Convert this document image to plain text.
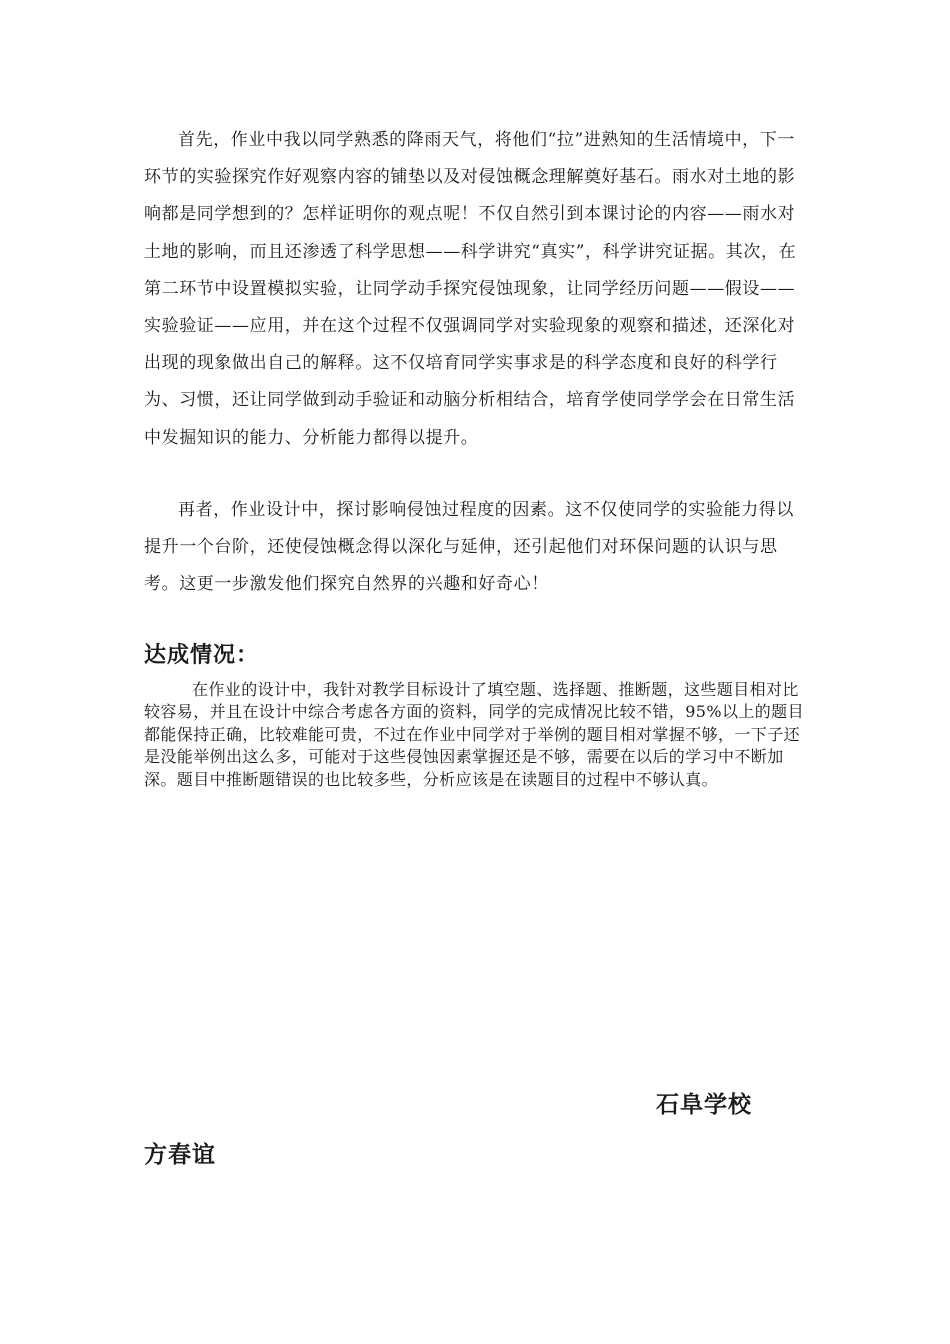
首先，作业中我以同学熟悉的降雨天气，将他们“拉”进熟知的生活情境中，下一环节的实验探究作好观察内容的铺垫以及对侵蚀概念理解奠好基石。雨水对土地的影响都是同学想到的？怎样证明你的观点呢！不仅自然引到本课讨论的内容——雨水对土地的影响，而且还渗透了科学思想——科学讲究“真实”，科学讲究证据。其次，在第二环节中设置模拟实验，让同学动手探究侵蚀现象，让同学经历问题——假设——实验验证——应用，并在这个过程不仅强调同学对实验现象的观察和描述，还深化对出现的现象做出自己的解释。这不仅培育同学实事求是的科学态度和良好的科学行为、习惯，还让同学做到动手验证和动脑分析相结合，培育学使同学学会在日常生活中发掘知识的能力、分析能力都得以提升。

再者，作业设计中，探讨影响侵蚀过程度的因素。这不仅使同学的实验能力得以提升一个台阶，还使侵蚀概念得以深化与延伸，还引起他们对环保问题的认识与思考。这更一步激发他们探究自然界的兴趣和好奇心！

达成情况：

在作业的设计中，我针对教学目标设计了填空题、选择题、推断题，这些题目相对比较容易，并且在设计中综合考虑各方面的资料，同学的完成情况比较不错，95%以上的题目都能保持正确，比较难能可贵，不过在作业中同学对于举例的题目相对掌握不够，一下子还是没能举例出这么多，可能对于这些侵蚀因素掌握还是不够，需要在以后的学习中不断加深。题目中推断题错误的也比较多些，分析应该是在读题目的过程中不够认真。

石阜学校
方春谊
